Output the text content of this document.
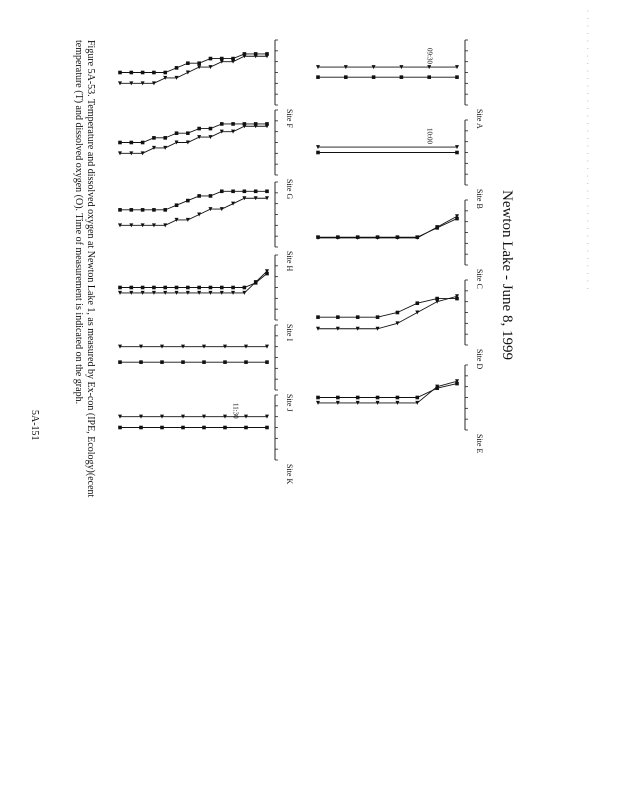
· · · · · · · · · · · · · · · · · · · · · · · · · · · · · · · · · · · · · ·
Newton Lake - June 8, 1999
Figure 5A-53. Temperature and dissolved oxygen at Newton Lake 1, as measured by Ex-con (IPE, Ecology)(ecent
temperature (T) and dissolved oxygen (O). Time of measurement is indicated on the graph.
5A-151
Site A
09:30
Site B
10:00
Site C
Site D
Site E
Site F
Site G
Site H
Site I
Site J
Site K
11:30
